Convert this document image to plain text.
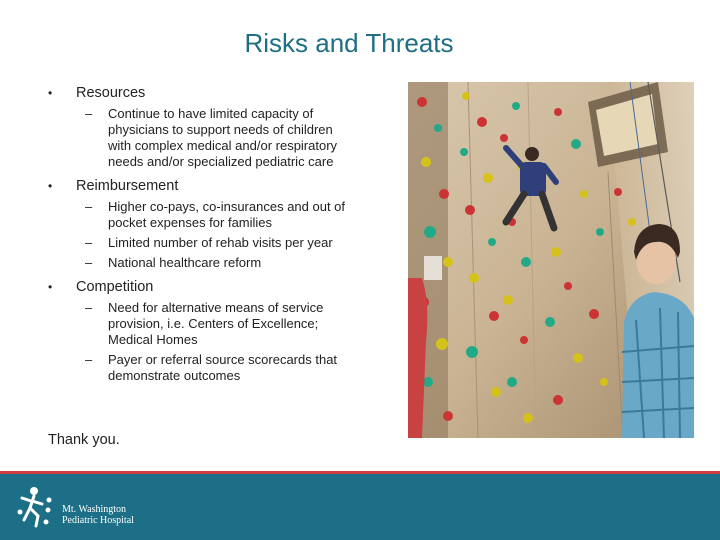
Risks and Threats
• Resources
– Continue to have limited capacity of physicians to support needs of children with complex medical and/or respiratory needs and/or specialized pediatric care
• Reimbursement
– Higher co-pays, co-insurances and out of pocket expenses for families
– Limited number of rehab visits per year
– National healthcare reform
• Competition
– Need for alternative means of service provision, i.e. Centers of Excellence; Medical Homes
– Payer or referral source scorecards that demonstrate outcomes
Thank you.
Mt. Washington
Pediatric Hospital
